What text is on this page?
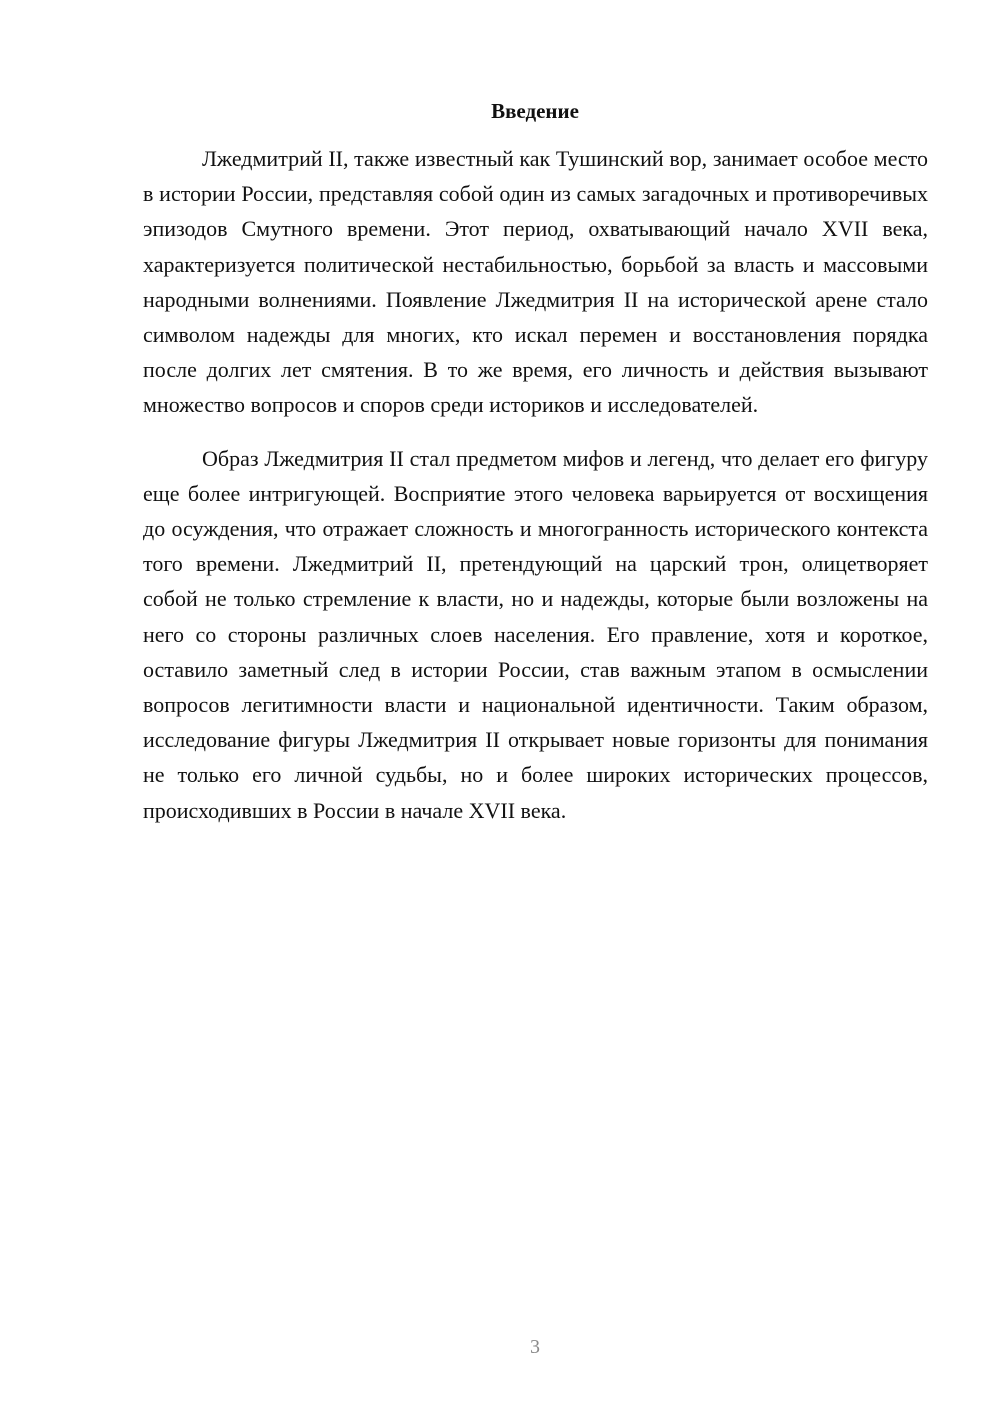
Введение

Лжедмитрий II, также известный как Тушинский вор, занимает особое место в истории России, представляя собой один из самых загадочных и противоречивых эпизодов Смутного времени. Этот период, охватывающий начало XVII века, характеризуется политической нестабильностью, борьбой за власть и массовыми народными волнениями. Появление Лжедмитрия II на исторической арене стало символом надежды для многих, кто искал перемен и восстановления порядка после долгих лет смятения. В то же время, его личность и действия вызывают множество вопросов и споров среди историков и исследователей.

Образ Лжедмитрия II стал предметом мифов и легенд, что делает его фигуру еще более интригующей. Восприятие этого человека варьируется от восхищения до осуждения, что отражает сложность и многогранность исторического контекста того времени. Лжедмитрий II, претендующий на царский трон, олицетворяет собой не только стремление к власти, но и надежды, которые были возложены на него со стороны различных слоев населения. Его правление, хотя и короткое, оставило заметный след в истории России, став важным этапом в осмыслении вопросов легитимности власти и национальной идентичности. Таким образом, исследование фигуры Лжедмитрия II открывает новые горизонты для понимания не только его личной судьбы, но и более широких исторических процессов, происходивших в России в начале XVII века.

3
